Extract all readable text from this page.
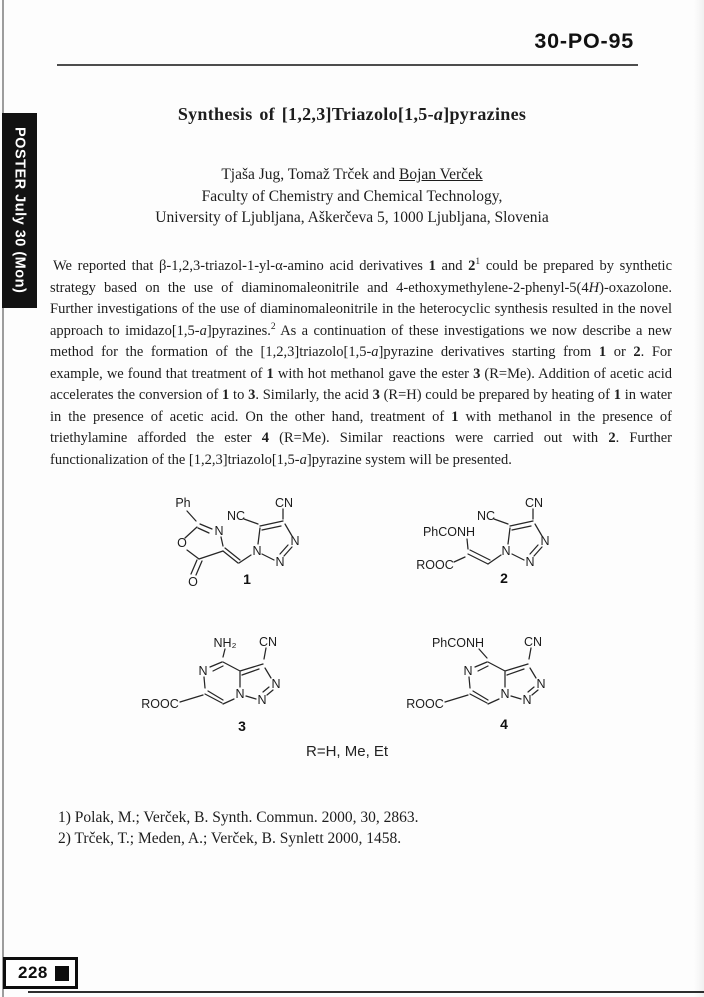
30-PO-95
POSTER July 30 (Mon)
Synthesis of [1,2,3]Triazolo[1,5-a]pyrazines
Tjaša Jug, Tomaž Trček and Bojan Verček
Faculty of Chemistry and Chemical Technology,
University of Ljubljana, Aškerčeva 5, 1000 Ljubljana, Slovenia
We reported that β-1,2,3-triazol-1-yl-α-amino acid derivatives 1 and $2^1$ could be prepared by synthetic strategy based on the use of diaminomaleonitrile and 4-ethoxymethylene-2-phenyl-5(4H)-oxazolone. Further investigations of the use of diaminomaleonitrile in the heterocyclic synthesis resulted in the novel approach to imidazo[1,5-a]pyrazines.$^2$ As a continuation of these investigations we now describe a new method for the formation of the [1,2,3]triazolo[1,5-a]pyrazine derivatives starting from 1 or 2. For example, we found that treatment of 1 with hot methanol gave the ester 3 (R=Me). Addition of acetic acid accelerates the conversion of 1 to 3. Similarly, the acid 3 (R=H) could be prepared by heating of 1 in water in the presence of acetic acid. On the other hand, treatment of 1 with methanol in the presence of triethylamine afforded the ester 4 (R=Me). Similar reactions were carried out with 2. Further functionalization of the [1,2,3]triazolo[1,5-a]pyrazine system will be presented.
Ph
N
O
O
NC
CN
N
N
N
1
PhCONH
ROOC
NC
CN
N
N
N
2
NH₂ CN
N
N
N
N
ROOC
3
PhCONH	CN
N
N
N
N
ROOC
4
R=H, Me, Et
1) Polak, M.; Verček, B. Synth. Commun. 2000, 30, 2863.
2) Trček, T.; Meden, A.; Verček, B. Synlett 2000, 1458.
228
